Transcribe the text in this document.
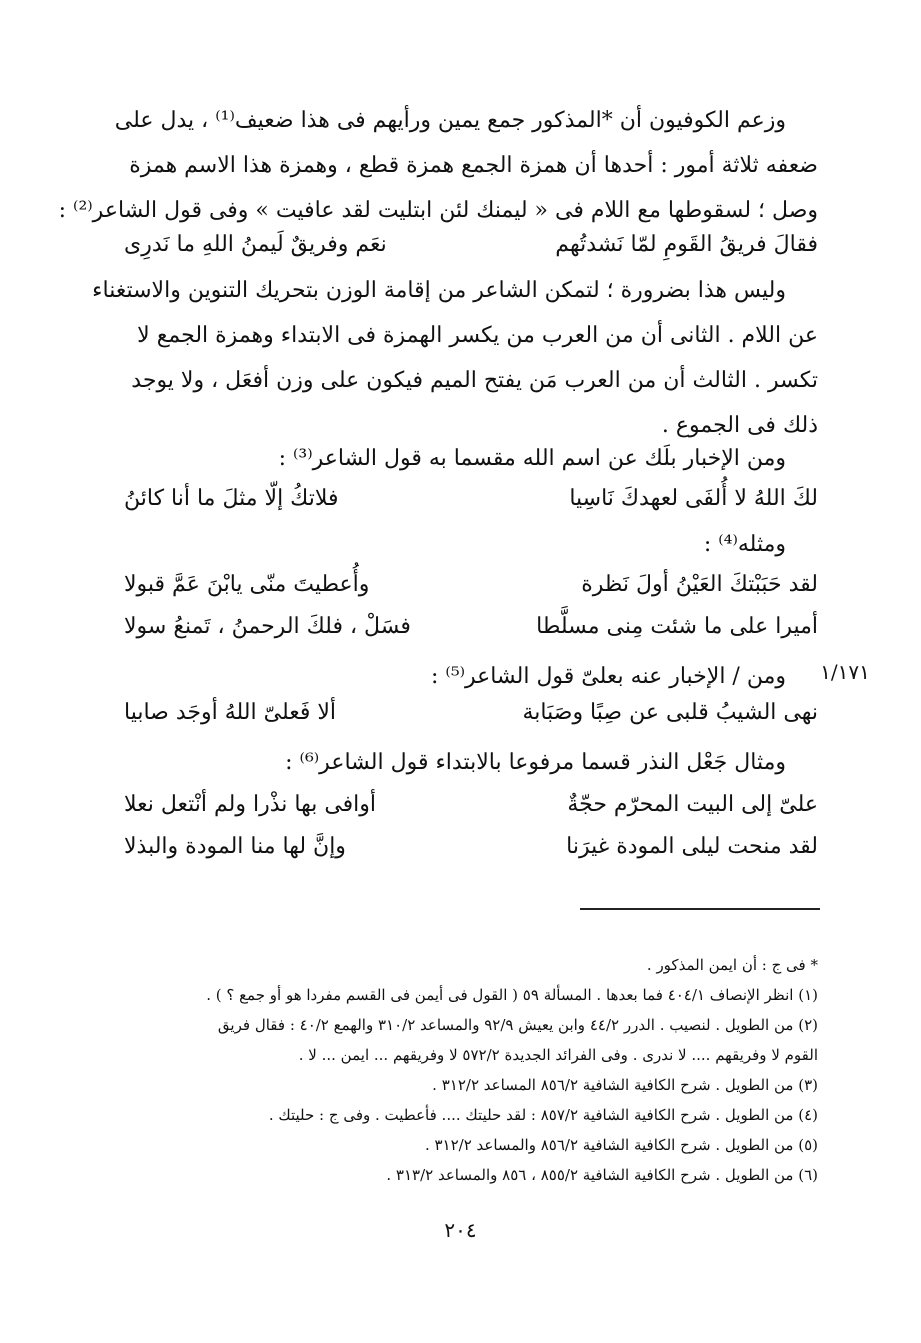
وزعم الكوفيون أن *المذكور جمع يمين ورأيهم فى هذا ضعيف⁽¹⁾ ، يدل على
ضعفه ثلاثة أمور : أحدها أن همزة الجمع همزة قطع ، وهمزة هذا الاسم همزة
وصل ؛ لسقوطها مع اللام فى « ليمنك لئن ابتليت لقد عافيت » وفى قول الشاعر⁽²⁾ :
فقالَ فريقُ القَومِ لمّا نَشدتُهم
نعَم وفريقٌ لَيمنُ اللهِ ما نَدرِى
وليس هذا بضرورة ؛ لتمكن الشاعر من إقامة الوزن بتحريك التنوين والاستغناء
عن اللام . الثانى أن من العرب من يكسر الهمزة فى الابتداء وهمزة الجمع لا
تكسر . الثالث أن من العرب مَن يفتح الميم فيكون على وزن أفعَل ، ولا يوجد
ذلك فى الجموع .
ومن الإخبار بلَك عن اسم الله مقسما به قول الشاعر⁽³⁾ :
لكَ اللهُ لا أُلفَى لعهدكَ نَاسِيا
فلاتكُ إلّا مثلَ ما أنا كائنُ
ومثله⁽⁴⁾ :
لقد حَبَبْتكَ العَيْنُ أولَ نَظرة
وأُعطيتَ منّى يابْنَ عَمَّ قبولا
أميرا على ما شئت مِنى مسلَّطا
فسَلْ ، فلكَ الرحمنُ ، تَمنعُ سولا
ومن / الإخبار عنه بعلىّ قول الشاعر⁽⁵⁾ :	١/١٧١
نهى الشيبُ قلبى عن صِبًا وصَبَابة
ألا فَعلىّ اللهُ أوجَد صابيا
ومثال جَعْل النذر قسما مرفوعا بالابتداء قول الشاعر⁽⁶⁾ :
علىّ إلى البيت المحرّم حجّةٌ
أوافى بها نذْرا ولم أنْتعل نعلا
لقد منحت ليلى المودة غيرَنا
وإنَّ لها منا المودة والبذلا
* فى ج : أن ايمن المذكور .
(١) انظر الإنصاف ٤٠٤/١ فما بعدها . المسألة ٥٩ ( القول فى أيمن فى القسم مفردا هو أو جمع ؟ ) .
(٢) من الطويل . لنصيب . الدرر ٤٤/٢ وابن يعيش ٩٢/٩ والمساعد ٣١٠/٢ والهمع ٤٠/٢ : فقال فريق
القوم لا وفريقهم .... لا ندرى . وفى الفرائد الجديدة ٥٧٢/٢ لا وفريقهم ... ايمن ... لا .
(٣) من الطويل . شرح الكافية الشافية ٨٥٦/٢ المساعد ٣١٢/٢ .
(٤) من الطويل . شرح الكافية الشافية ٨٥٧/٢ : لقد حليتك .... فأعطيت . وفى ج : حليتك .
(٥) من الطويل . شرح الكافية الشافية ٨٥٦/٢ والمساعد ٣١٢/٢ .
(٦) من الطويل . شرح الكافية الشافية ٨٥٥/٢ ، ٨٥٦ والمساعد ٣١٣/٢ .
٢٠٤
